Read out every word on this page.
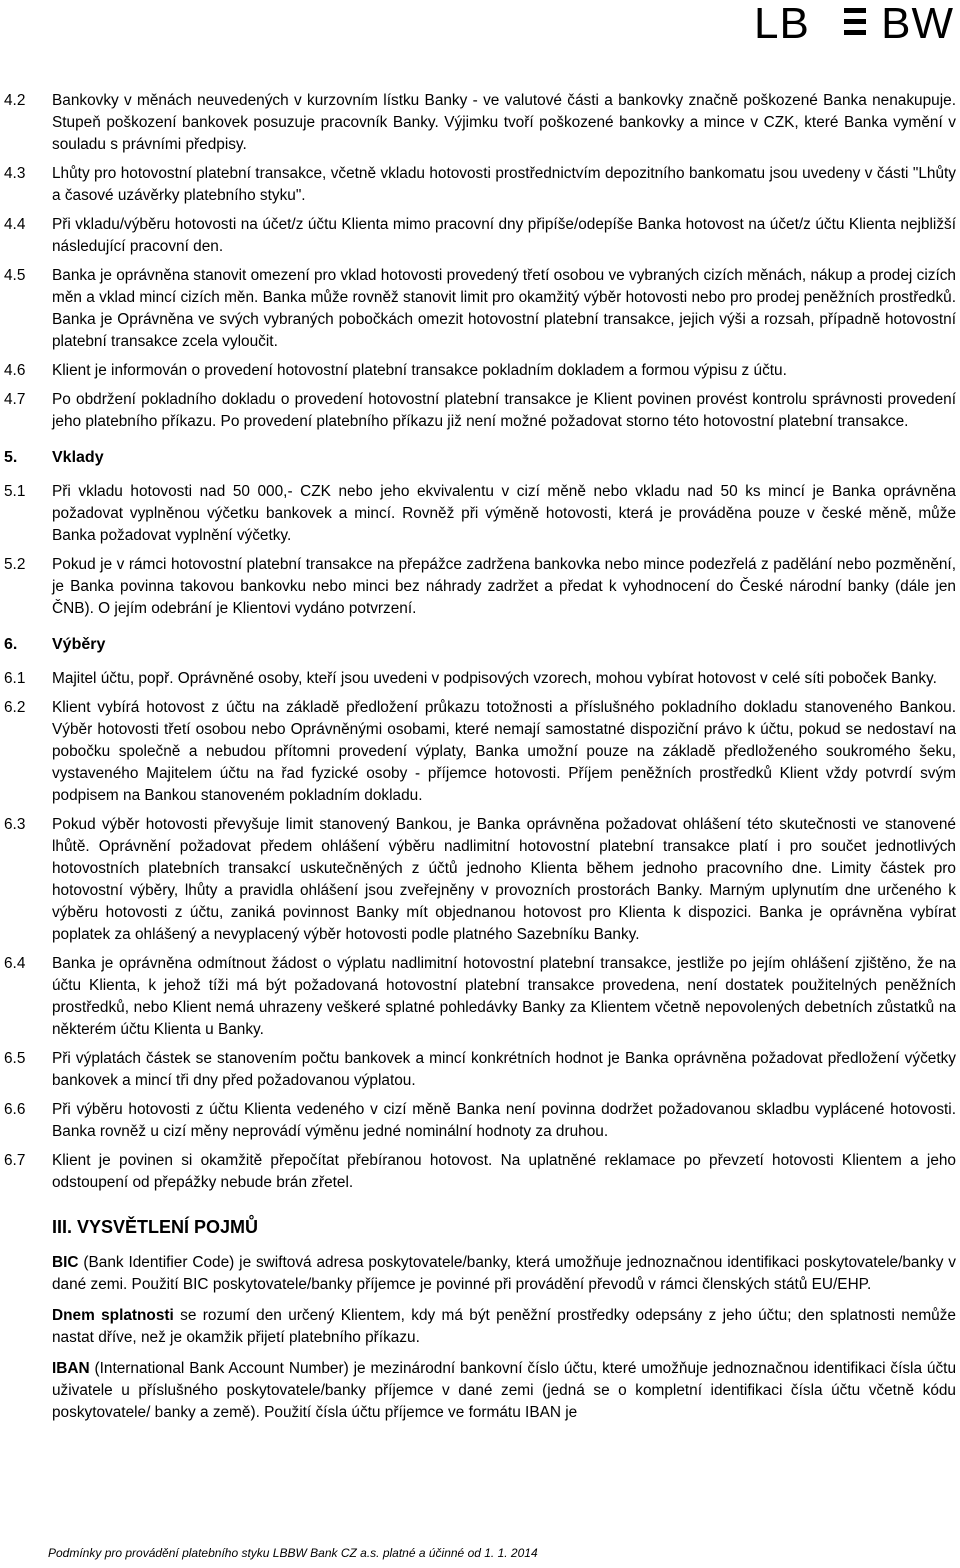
LB BW
4.2	Bankovky v měnách neuvedených v kurzovním lístku Banky - ve valutové části a bankovky značně poškozené Banka nenakupuje. Stupeň poškození bankovek posuzuje pracovník Banky. Výjimku tvoří poškozené bankovky a mince v CZK, které Banka vymění v souladu s právními předpisy.
4.3	Lhůty pro hotovostní platební transakce, včetně vkladu hotovosti prostřednictvím depozitního bankomatu jsou uvedeny v části "Lhůty a časové uzávěrky platebního styku".
4.4	Při vkladu/výběru hotovosti na účet/z účtu Klienta mimo pracovní dny připíše/odepíše Banka hotovost na účet/z účtu Klienta nejbližší následující pracovní den.
4.5	Banka je oprávněna stanovit omezení pro vklad hotovosti provedený třetí osobou ve vybraných cizích měnách, nákup a prodej cizích měn a vklad mincí cizích měn. Banka může rovněž stanovit limit pro okamžitý výběr hotovosti nebo pro prodej peněžních prostředků. Banka je Oprávněna ve svých vybraných pobočkách omezit hotovostní platební transakce, jejich výši a rozsah, případně hotovostní platební transakce zcela vyloučit.
4.6	Klient je informován o provedení hotovostní platební transakce pokladním dokladem a formou výpisu z účtu.
4.7	Po obdržení pokladního dokladu o provedení hotovostní platební transakce je Klient povinen provést kontrolu správnosti provedení jeho platebního příkazu. Po provedení platebního příkazu již není možné požadovat storno této hotovostní platební transakce.
5.	Vklady
5.1	Při vkladu hotovosti nad 50 000,- CZK nebo jeho ekvivalentu v cizí měně nebo vkladu nad 50 ks mincí je Banka oprávněna požadovat vyplněnou výčetku bankovek a mincí. Rovněž při výměně hotovosti, která je prováděna pouze v české měně, může Banka požadovat vyplnění výčetky.
5.2	Pokud je v rámci hotovostní platební transakce na přepážce zadržena bankovka nebo mince podezřelá z padělání nebo pozměnění, je Banka povinna takovou bankovku nebo minci bez náhrady zadržet a předat k vyhodnocení do České národní banky (dále jen ČNB). O jejím odebrání je Klientovi vydáno potvrzení.
6.	Výběry
6.1	Majitel účtu, popř. Oprávněné osoby, kteří jsou uvedeni v podpisových vzorech, mohou vybírat hotovost v celé síti poboček Banky.
6.2	Klient vybírá hotovost z účtu na základě předložení průkazu totožnosti a příslušného pokladního dokladu stanoveného Bankou. Výběr hotovosti třetí osobou nebo Oprávněnými osobami, které nemají samostatné dispoziční právo k účtu, pokud se nedostaví na pobočku společně a nebudou přítomni provedení výplaty, Banka umožní pouze na základě předloženého soukromého šeku, vystaveného Majitelem účtu na řad fyzické osoby - příjemce hotovosti. Příjem peněžních prostředků Klient vždy potvrdí svým podpisem na Bankou stanoveném pokladním dokladu.
6.3	Pokud výběr hotovosti převyšuje limit stanovený Bankou, je Banka oprávněna požadovat ohlášení této skutečnosti ve stanovené lhůtě. Oprávnění požadovat předem ohlášení výběru nadlimitní hotovostní platební transakce platí i pro součet jednotlivých hotovostních platebních transakcí uskutečněných z účtů jednoho Klienta během jednoho pracovního dne. Limity částek pro hotovostní výběry, lhůty a pravidla ohlášení jsou zveřejněny v provozních prostorách Banky. Marným uplynutím dne určeného k výběru hotovosti z účtu, zaniká povinnost Banky mít objednanou hotovost pro Klienta k dispozici. Banka je oprávněna vybírat poplatek za ohlášený a nevyplacený výběr hotovosti podle platného Sazebníku Banky.
6.4	Banka je oprávněna odmítnout žádost o výplatu nadlimitní hotovostní platební transakce, jestliže po jejím ohlášení zjištěno, že na účtu Klienta, k jehož tíži má být požadovaná hotovostní platební transakce provedena, není dostatek použitelných peněžních prostředků, nebo Klient nemá uhrazeny veškeré splatné pohledávky Banky za Klientem včetně nepovolených debetních zůstatků na některém účtu Klienta u Banky.
6.5	Při výplatách částek se stanovením počtu bankovek a mincí konkrétních hodnot je Banka oprávněna požadovat předložení výčetky bankovek a mincí tři dny před požadovanou výplatou.
6.6	Při výběru hotovosti z účtu Klienta vedeného v cizí měně Banka není povinna dodržet požadovanou skladbu vyplácené hotovosti. Banka rovněž u cizí měny neprovádí výměnu jedné nominální hodnoty za druhou.
6.7	Klient je povinen si okamžitě přepočítat přebíranou hotovost. Na uplatněné reklamace po převzetí hotovosti Klientem a jeho odstoupení od přepážky nebude brán zřetel.
III. VYSVĚTLENÍ POJMŮ
BIC (Bank Identifier Code) je swiftová adresa poskytovatele/banky, která umožňuje jednoznačnou identifikaci poskytovatele/banky v dané zemi. Použití BIC poskytovatele/banky příjemce je povinné při provádění převodů v rámci členských států EU/EHP.
Dnem splatnosti se rozumí den určený Klientem, kdy má být peněžní prostředky odepsány z jeho účtu; den splatnosti nemůže nastat dříve, než je okamžik přijetí platebního příkazu.
IBAN (International Bank Account Number) je mezinárodní bankovní číslo účtu, které umožňuje jednoznačnou identifikaci čísla účtu uživatele u příslušného poskytovatele/banky příjemce v dané zemi (jedná se o kompletní identifikaci čísla účtu včetně kódu poskytovatele/ banky a země). Použití čísla účtu příjemce ve formátu IBAN je
Podmínky pro provádění platebního styku LBBW Bank CZ a.s. platné a účinné od 1. 1. 2014
